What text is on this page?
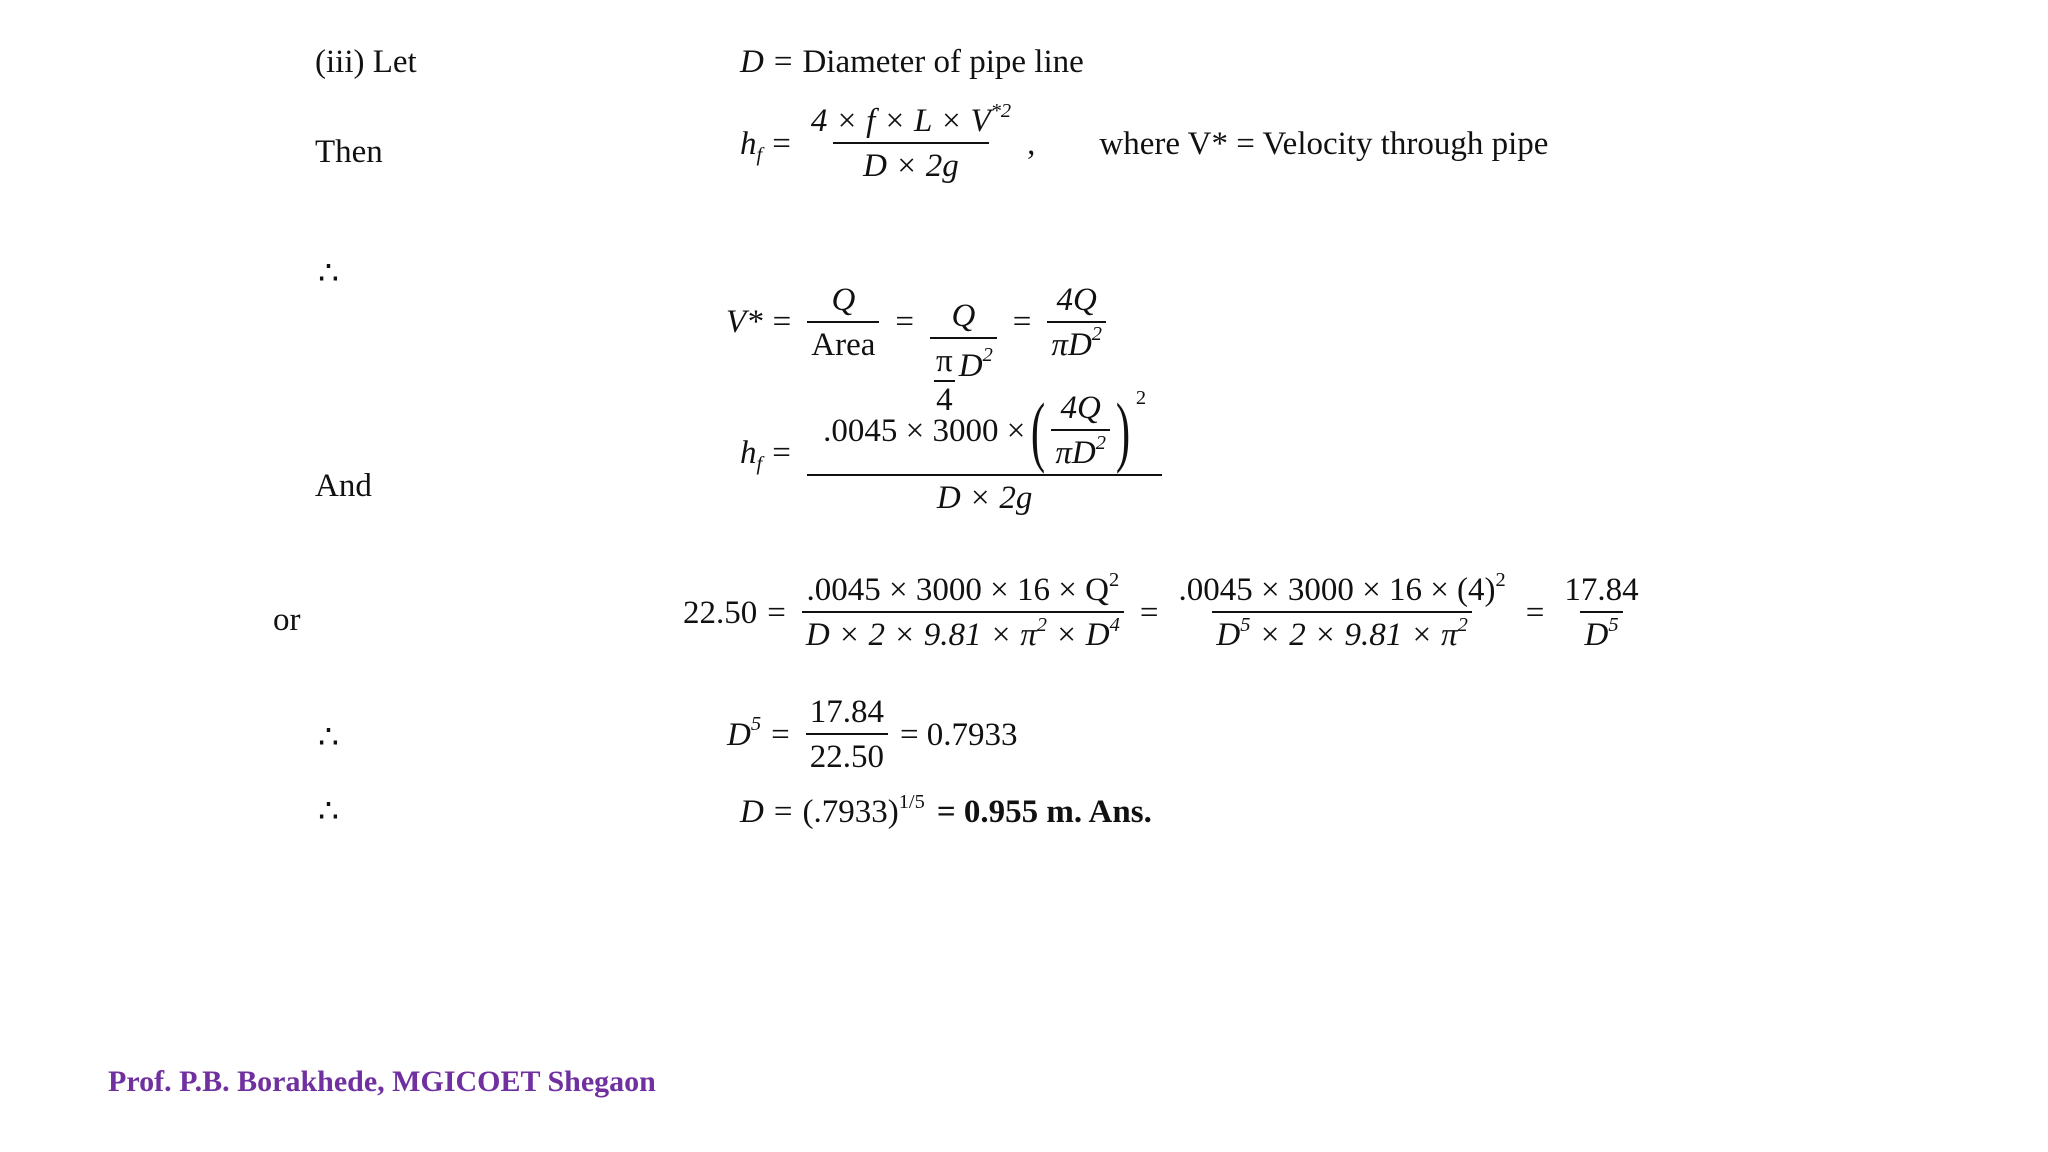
(iii) Let
Then
∴
And
or
∴
∴
D = Diameter of pipe line
$h_f = \frac{4 \times f \times L \times V^{*2}}{D \times 2g}$ , where V* = Velocity through pipe
$V* = \frac{Q}{\text{Area}} = \frac{Q}{\frac{\pi}{4} D^2} = \frac{4Q}{\pi D^2}$
$h_f$ =
.0045 × 3000 × ( $\frac{4Q}{\pi D^2}$ ) $^2$
D × 2g
$22.50 = \frac{.0045 \times 3000 \times 16 \times Q^2}{D \times 2 \times 9.81 \times \pi^2 \times D^4} = \frac{.0045 \times 3000 \times 16 \times (4)^2}{D^5 \times 2 \times 9.81 \times \pi^2} = \frac{17.84}{D^5}$
$D^5 = \frac{17.84}{22.50} = 0.7933$
$D = (.7933)^{1/5} = 0.955$ m. Ans.
Prof. P.B. Borakhede, MGICOET Shegaon
